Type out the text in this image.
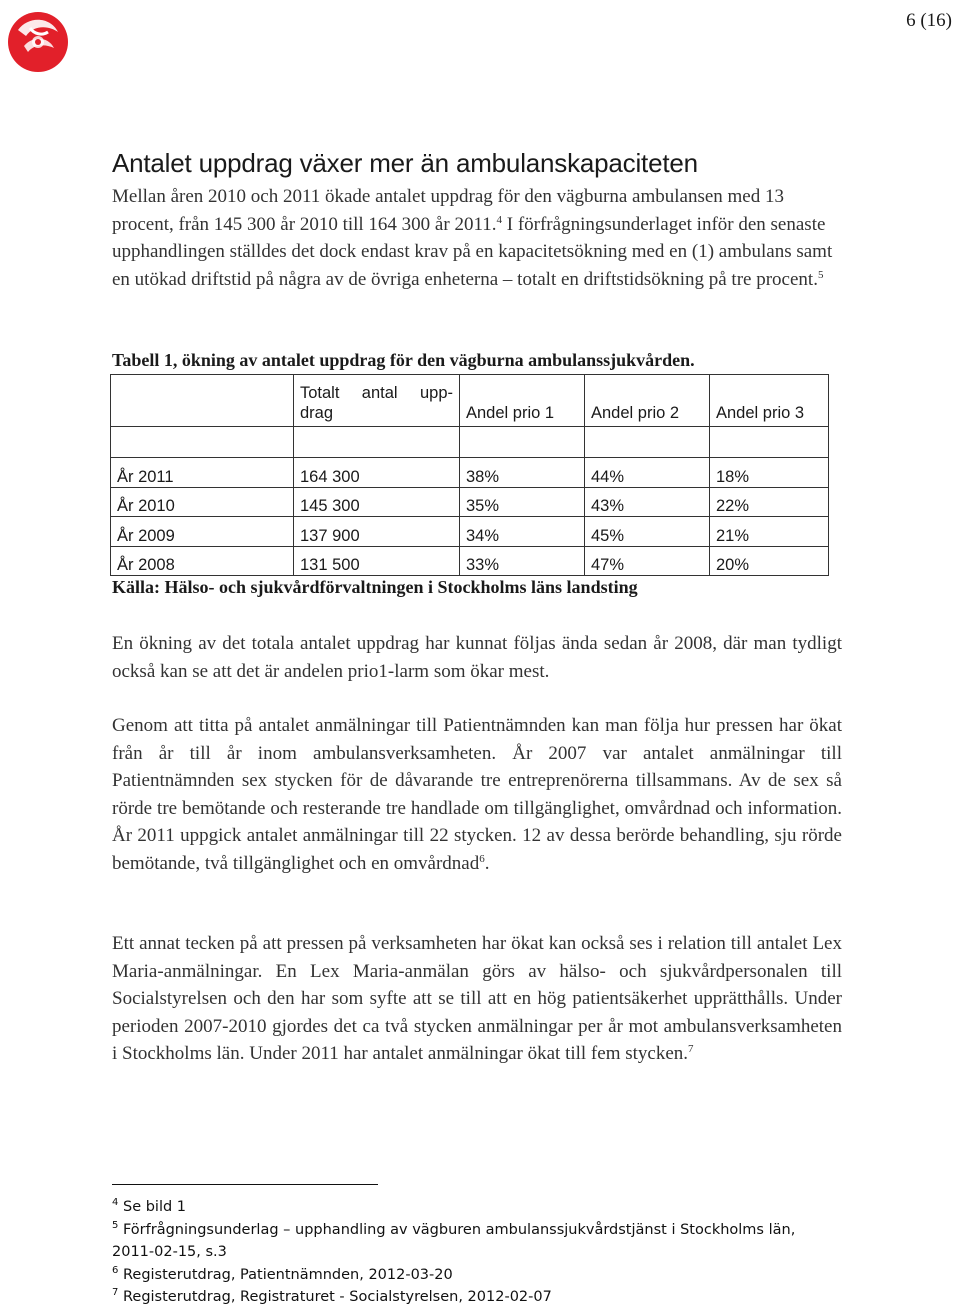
6 (16)
Antalet uppdrag växer mer än ambulanskapaciteten
Mellan åren 2010 och 2011 ökade antalet uppdrag för den vägburna ambulansen med 13 procent, från 145 300 år 2010 till 164 300 år 2011.$^4$ I förfrågningsunderlaget inför den senaste upphandlingen ställdes det dock endast krav på en kapacitetsökning med en (1) ambulans samt en utökad driftstid på några av de övriga enheterna – totalt en driftstidsökning på tre procent.$^5$
Tabell 1, ökning av antalet uppdrag för den vägburna ambulanssjukvården.

	Totalt antal upp-
drag	Andel prio 1	Andel prio 2	Andel prio 3

År 2011	164 300	38%	44%	18%
År 2010	145 300	35%	43%	22%
År 2009	137 900	34%	45%	21%
År 2008	131 500	33%	47%	20%
Källa: Hälso- och sjukvårdförvaltningen i Stockholms läns landsting
En ökning av det totala antalet uppdrag har kunnat följas ända sedan år 2008, där man tydligt också kan se att det är andelen prio1-larm som ökar mest.
Genom att titta på antalet anmälningar till Patientnämnden kan man följa hur pressen har ökat från år till år inom ambulansverksamheten. År 2007 var antalet anmälningar till Patientnämnden sex stycken för de dåvarande tre entreprenörerna tillsammans. Av de sex så rörde tre bemötande och resterande tre handlade om tillgänglighet, omvårdnad och information. År 2011 uppgick antalet anmälningar till 22 stycken. 12 av dessa berörde behandling, sju rörde bemötande, två tillgänglighet och en omvårdnad$^6$.
Ett annat tecken på att pressen på verksamheten har ökat kan också ses i relation till antalet Lex Maria-anmälningar. En Lex Maria-anmälan görs av hälso- och sjukvårdpersonalen till Socialstyrelsen och den har som syfte att se till att en hög patientsäkerhet upprätthålls. Under perioden 2007-2010 gjordes det ca två stycken anmälningar per år mot ambulansverksamheten i Stockholms län. Under 2011 har antalet anmälningar ökat till fem stycken.$^7$
$^4$ Se bild 1
$^5$ Förfrågningsunderlag – upphandling av vägburen ambulanssjukvårdstjänst i Stockholms län, 2011-02-15, s.3
$^6$ Registerutdrag, Patientnämnden, 2012-03-20
$^7$ Registerutdrag, Registraturet - Socialstyrelsen, 2012-02-07
